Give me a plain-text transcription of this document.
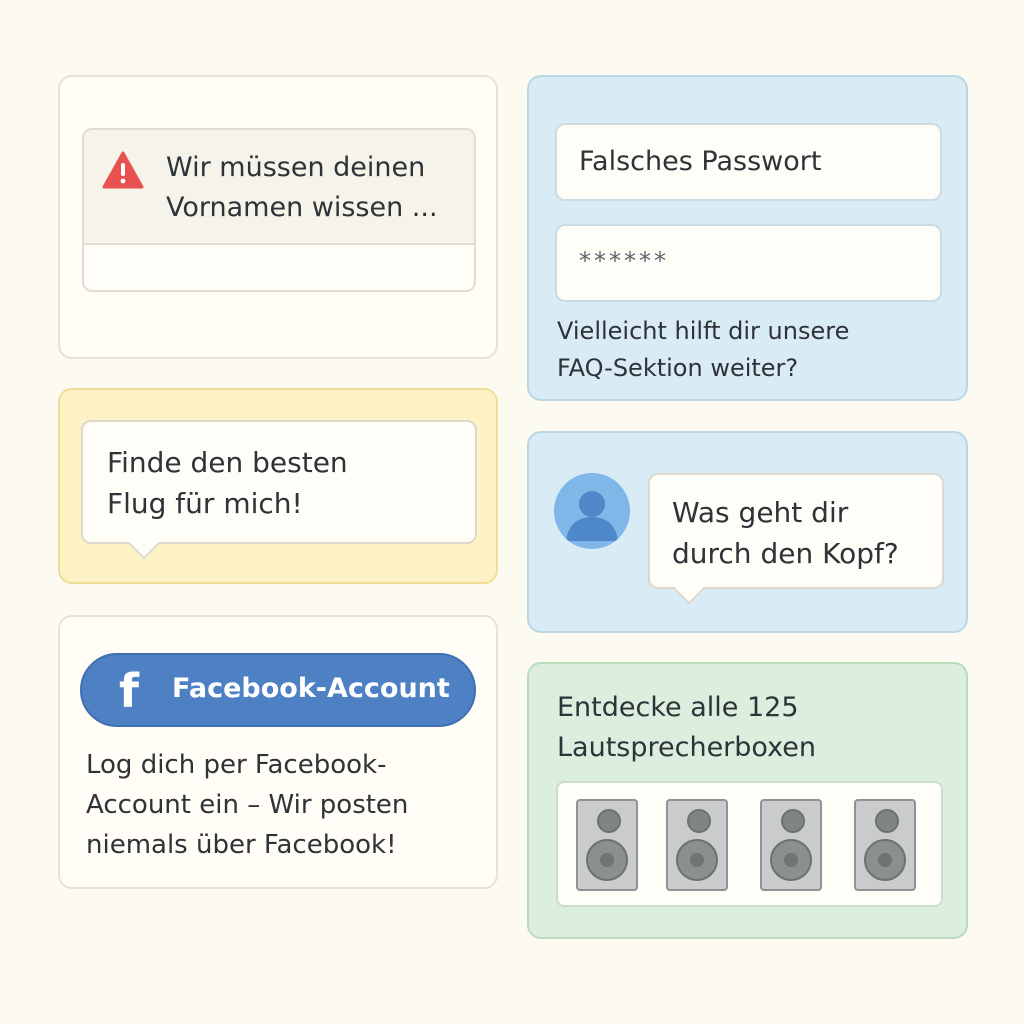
Wir müssen deinen
Vornamen wissen ...
Falsches Passwort
******
Vielleicht hilft dir unsere
FAQ-Sektion weiter?
Finde den besten
Flug für mich!	Was geht dir
durch den Kopf?
f Facebook-Account
Log dich per Facebook-
Account ein – Wir posten
niemals über Facebook!
Entdecke alle 125
Lautsprecherboxen
